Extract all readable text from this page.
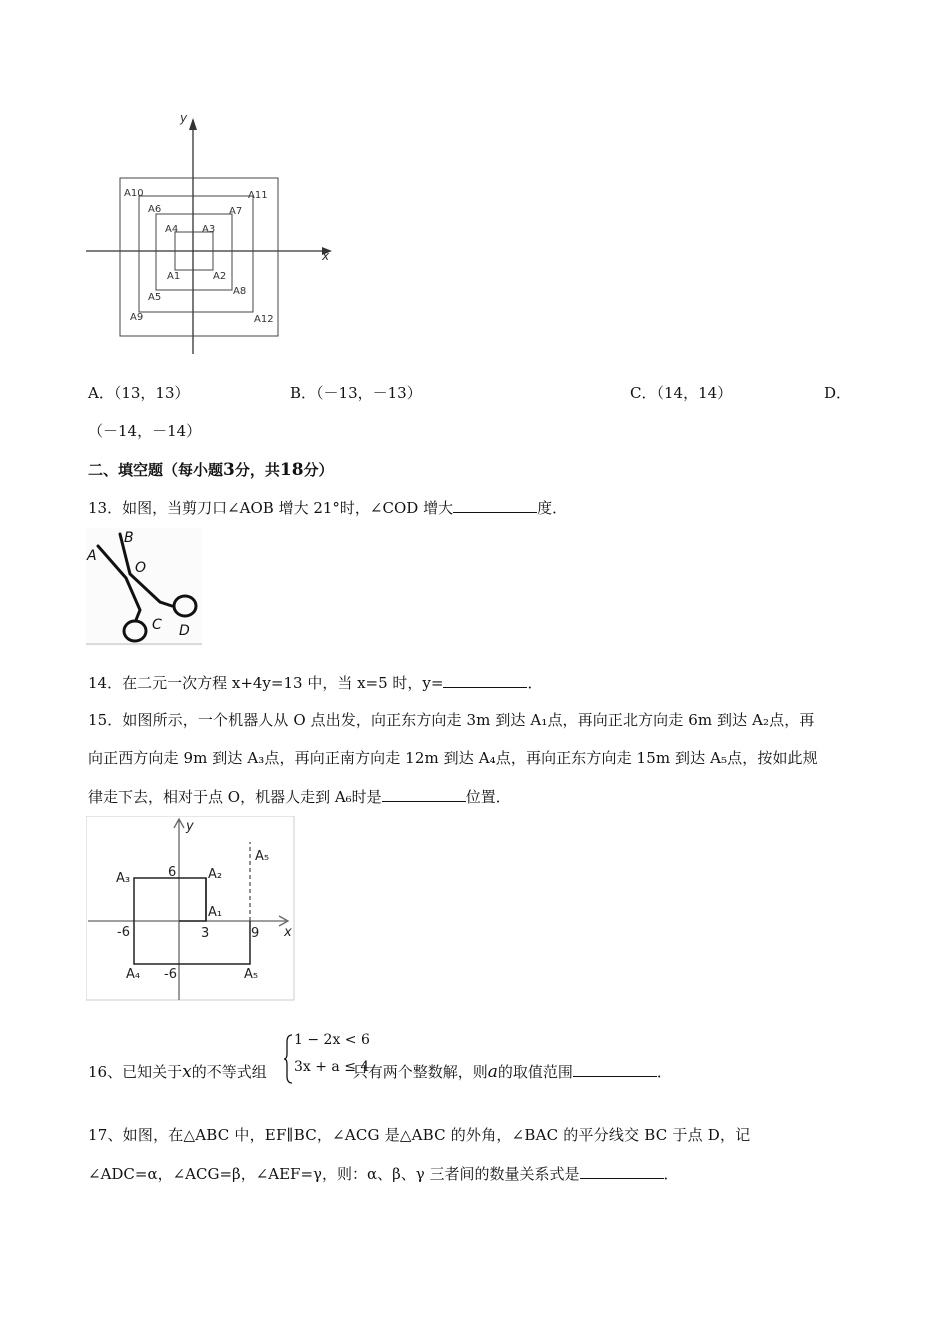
x
y
A10	A11
A6	A7
A4 A3
A1	A2
A5
A8
A9	A12
A．（13，13）	B．（－13，－13）	C．（14，14）	D．
（－14，－14）
二、填空题（每小题3分，共18分）
13．如图，当剪刀口∠AOB 增大 21°时，∠COD 增大	度．
A
B
O
C D
14．在二元一次方程 x+4y=13 中，当 x=5 时，y=	．
15．如图所示，一个机器人从 O 点出发，向正东方向走 3m 到达 A₁点，再向正北方向走 6m 到达 A₂点，再
向正西方向走 9m 到达 A₃点，再向正南方向走 12m 到达 A₄点，再向正东方向走 15m 到达 A₅点，按如此规
律走下去，相对于点 O，机器人走到 A₆时是	位置．
y
x
A₅
A₃	6 A₂
A₁
-6	3	9
A₄ -6	A₅
16、已知关于x的不等式组	只有两个整数解，则a的取值范围	．
1 − 2x < 6
3x + a ≤ 4
17、如图，在△ABC 中，EF∥BC，∠ACG 是△ABC 的外角，∠BAC 的平分线交 BC 于点 D，记
∠ADC=α，∠ACG=β，∠AEF=γ，则：α、β、γ 三者间的数量关系式是	．
